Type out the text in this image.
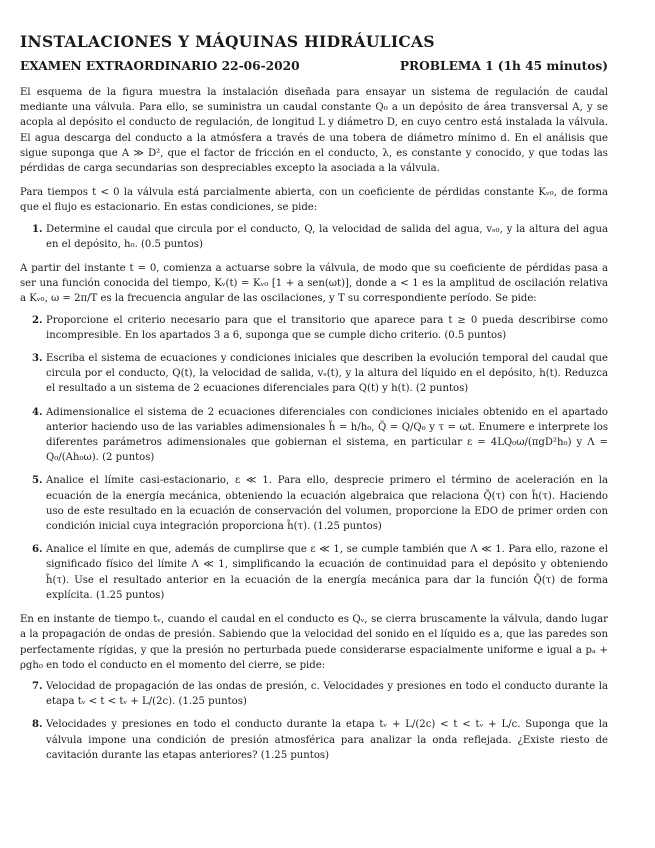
INSTALACIONES Y MÁQUINAS HIDRÁULICAS
EXAMEN EXTRAORDINARIO 22-06-2020	PROBLEMA 1 (1h 45 minutos)

El esquema de la figura muestra la instalación diseñada para ensayar un sistema de regulación de caudal mediante una válvula. Para ello, se suministra un caudal constante Q₀ a un depósito de área transversal A, y se acopla al depósito el conducto de regulación, de longitud L y diámetro D, en cuyo centro está instalada la válvula. El agua descarga del conducto a la atmósfera a través de una tobera de diámetro mínimo d. En el análisis que sigue suponga que A ≫ D², que el factor de fricción en el conducto, λ, es constante y conocido, y que todas las pérdidas de carga secundarias son despreciables excepto la asociada a la válvula.

Para tiempos t < 0 la válvula está parcialmente abierta, con un coeficiente de pérdidas constante Kᵥ₀, de forma que el flujo es estacionario. En estas condiciones, se pide:

1. Determine el caudal que circula por el conducto, Q, la velocidad de salida del agua, vₛ₀, y la altura del agua en el depósito, h₀. (0.5 puntos)

A partir del instante t = 0, comienza a actuarse sobre la válvula, de modo que su coeficiente de pérdidas pasa a ser una función conocida del tiempo, Kᵥ(t) = Kᵥ₀ [1 + a sen(ωt)], donde a < 1 es la amplitud de oscilación relativa a Kᵥ₀, ω = 2π/T es la frecuencia angular de las oscilaciones, y T su correspondiente período. Se pide:

2. Proporcione el criterio necesario para que el transitorio que aparece para t ≥ 0 pueda describirse como incompresible. En los apartados 3 a 6, suponga que se cumple dicho criterio. (0.5 puntos)

3. Escriba el sistema de ecuaciones y condiciones iniciales que describen la evolución temporal del caudal que circula por el conducto, Q(t), la velocidad de salida, vₛ(t), y la altura del líquido en el depósito, h(t). Reduzca el resultado a un sistema de 2 ecuaciones diferenciales para Q(t) y h(t). (2 puntos)

4. Adimensionalice el sistema de 2 ecuaciones diferenciales con condiciones iniciales obtenido en el apartado anterior haciendo uso de las variables adimensionales h̃ = h/h₀, Q̃ = Q/Q₀ y τ = ωt. Enumere e interprete los diferentes parámetros adimensionales que gobiernan el sistema, en particular ε = 4LQ₀ω/(πgD²h₀) y Λ = Q₀/(Ah₀ω). (2 puntos)

5. Analice el límite casi-estacionario, ε ≪ 1. Para ello, desprecie primero el término de aceleración en la ecuación de la energía mecánica, obteniendo la ecuación algebraica que relaciona Q̃(τ) con h̃(τ). Haciendo uso de este resultado en la ecuación de conservación del volumen, proporcione la EDO de primer orden con condición inicial cuya integración proporciona h̃(τ). (1.25 puntos)

6. Analice el límite en que, además de cumplirse que ε ≪ 1, se cumple también que Λ ≪ 1. Para ello, razone el significado físico del límite Λ ≪ 1, simplificando la ecuación de continuidad para el depósito y obteniendo h̃(τ). Use el resultado anterior en la ecuación de la energía mecánica para dar la función Q̃(τ) de forma explícita. (1.25 puntos)

En en instante de tiempo tᵥ, cuando el caudal en el conducto es Qᵥ, se cierra bruscamente la válvula, dando lugar a la propagación de ondas de presión. Sabiendo que la velocidad del sonido en el líquido es a, que las paredes son perfectamente rígidas, y que la presión no perturbada puede considerarse espacialmente uniforme e igual a pₐ + ρgh₀ en todo el conducto en el momento del cierre, se pide:

7. Velocidad de propagación de las ondas de presión, c. Velocidades y presiones en todo el conducto durante la etapa tᵥ < t < tᵥ + L/(2c). (1.25 puntos)

8. Velocidades y presiones en todo el conducto durante la etapa tᵥ + L/(2c) < t < tᵥ + L/c. Suponga que la válvula impone una condición de presión atmosférica para analizar la onda reflejada. ¿Existe riesto de cavitación durante las etapas anteriores? (1.25 puntos)
